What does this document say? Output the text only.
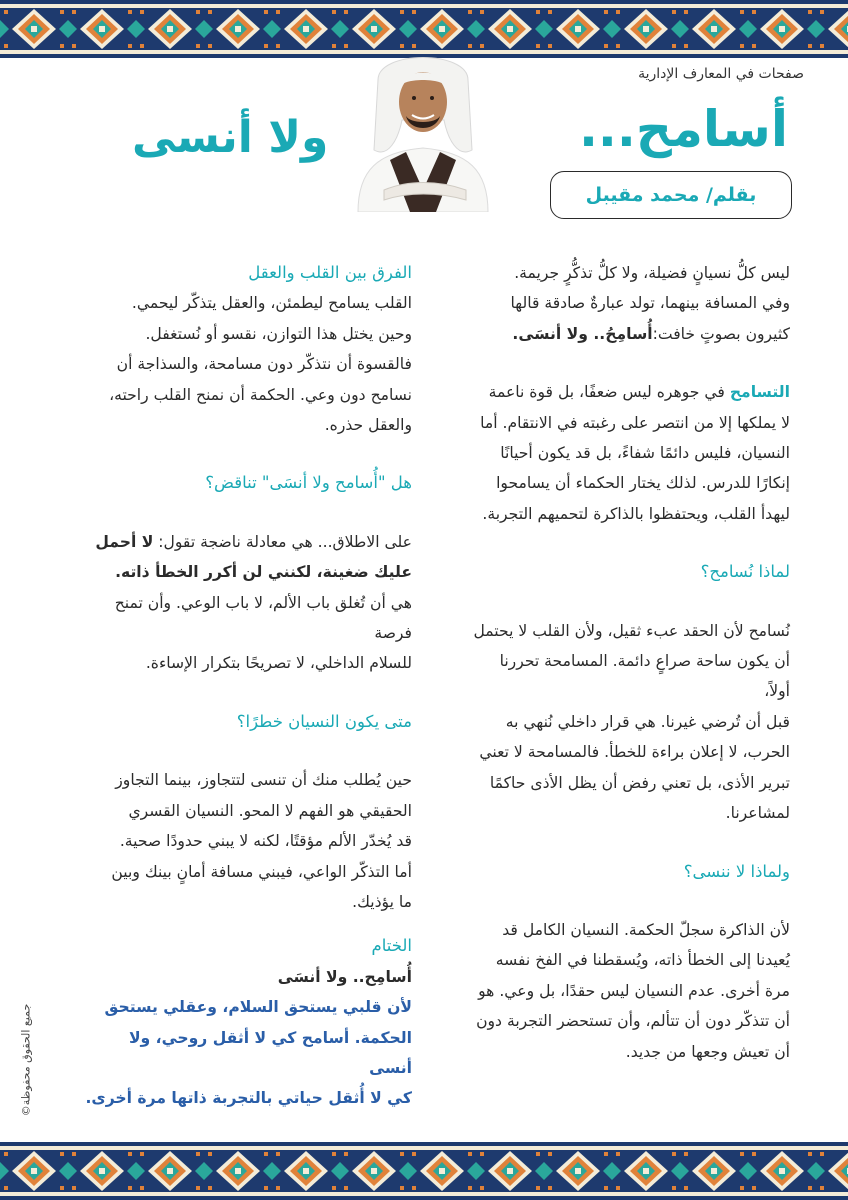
صفحات في المعارف الإدارية
أسامح...
ولا أنسى
بقلم/ محمد مقيبل

ليس كلُّ نسيانٍ فضيلة، ولا كلُّ تذكُّرٍ جريمة.

وفي المسافة بينهما، تولد عبارةٌ صادقة قالها

كثيرون بصوتٍ خافت:أُسامِحُ.. ولا أنسَى.

التسامح في جوهره ليس ضعفًا، بل قوة ناعمة

لا يملكها إلا من انتصر على رغبته في الانتقام. أما

النسيان، فليس دائمًا شفاءً، بل قد يكون أحيانًا

إنكارًا للدرس. لذلك يختار الحكماء أن يسامحوا

ليهدأ القلب، ويحتفظوا بالذاكرة لتحميهم التجربة.

لماذا نُسامح؟

نُسامح لأن الحقد عبء ثقيل، ولأن القلب لا يحتمل

أن يكون ساحة صراعٍ دائمة. المسامحة تحررنا أولاً،

قبل أن تُرضي غيرنا. هي قرار داخلي نُنهي به

الحرب، لا إعلان براءة للخطأ. فالمسامحة لا تعني

تبرير الأذى، بل تعني رفض أن يظل الأذى حاكمًا

لمشاعرنا.

ولماذا لا ننسى؟

لأن الذاكرة سجلّ الحكمة. النسيان الكامل قد

يُعيدنا إلى الخطأ ذاته، ويُسقطنا في الفخ نفسه

مرة أخرى. عدم النسيان ليس حقدًا، بل وعي. هو

أن تتذكّر دون أن تتألم، وأن تستحضر التجربة دون

أن تعيش وجعها من جديد.

الفرق بين القلب والعقل

القلب يسامح ليطمئن، والعقل يتذكّر ليحمي.

وحين يختل هذا التوازن، نقسو أو نُستغفل.

فالقسوة أن نتذكّر دون مسامحة، والسذاجة أن

نسامح دون وعي. الحكمة أن نمنح القلب راحته،

والعقل حذره.

هل "أُسامح ولا أنسَى" تناقض؟

على الاطلاق... هي معادلة ناضجة تقول: لا أحمل عليك ضغينة، لكنني لن أكرر الخطأ ذاته.

هي أن تُغلق باب الألم، لا باب الوعي. وأن تمنح فرصة

للسلام الداخلي، لا تصريحًا بتكرار الإساءة.

متى يكون النسيان خطرًا؟

حين يُطلب منك أن تنسى لتتجاوز، بينما التجاوز

الحقيقي هو الفهم لا المحو. النسيان القسري

قد يُخدّر الألم مؤقتًا، لكنه لا يبني حدودًا صحية.

أما التذكّر الواعي، فيبني مسافة أمانٍ بينك وبين

ما يؤذيك.

الختام

أُسامِح.. ولا أنسَى

لأن قلبي يستحق السلام، وعقلي يستحق

الحكمة. أسامح كي لا أثقل روحي، ولا أنسى

كي لا أُثقل حياتي بالتجربة ذاتها مرة أخرى.

جميع الحقوق محفوظة©
